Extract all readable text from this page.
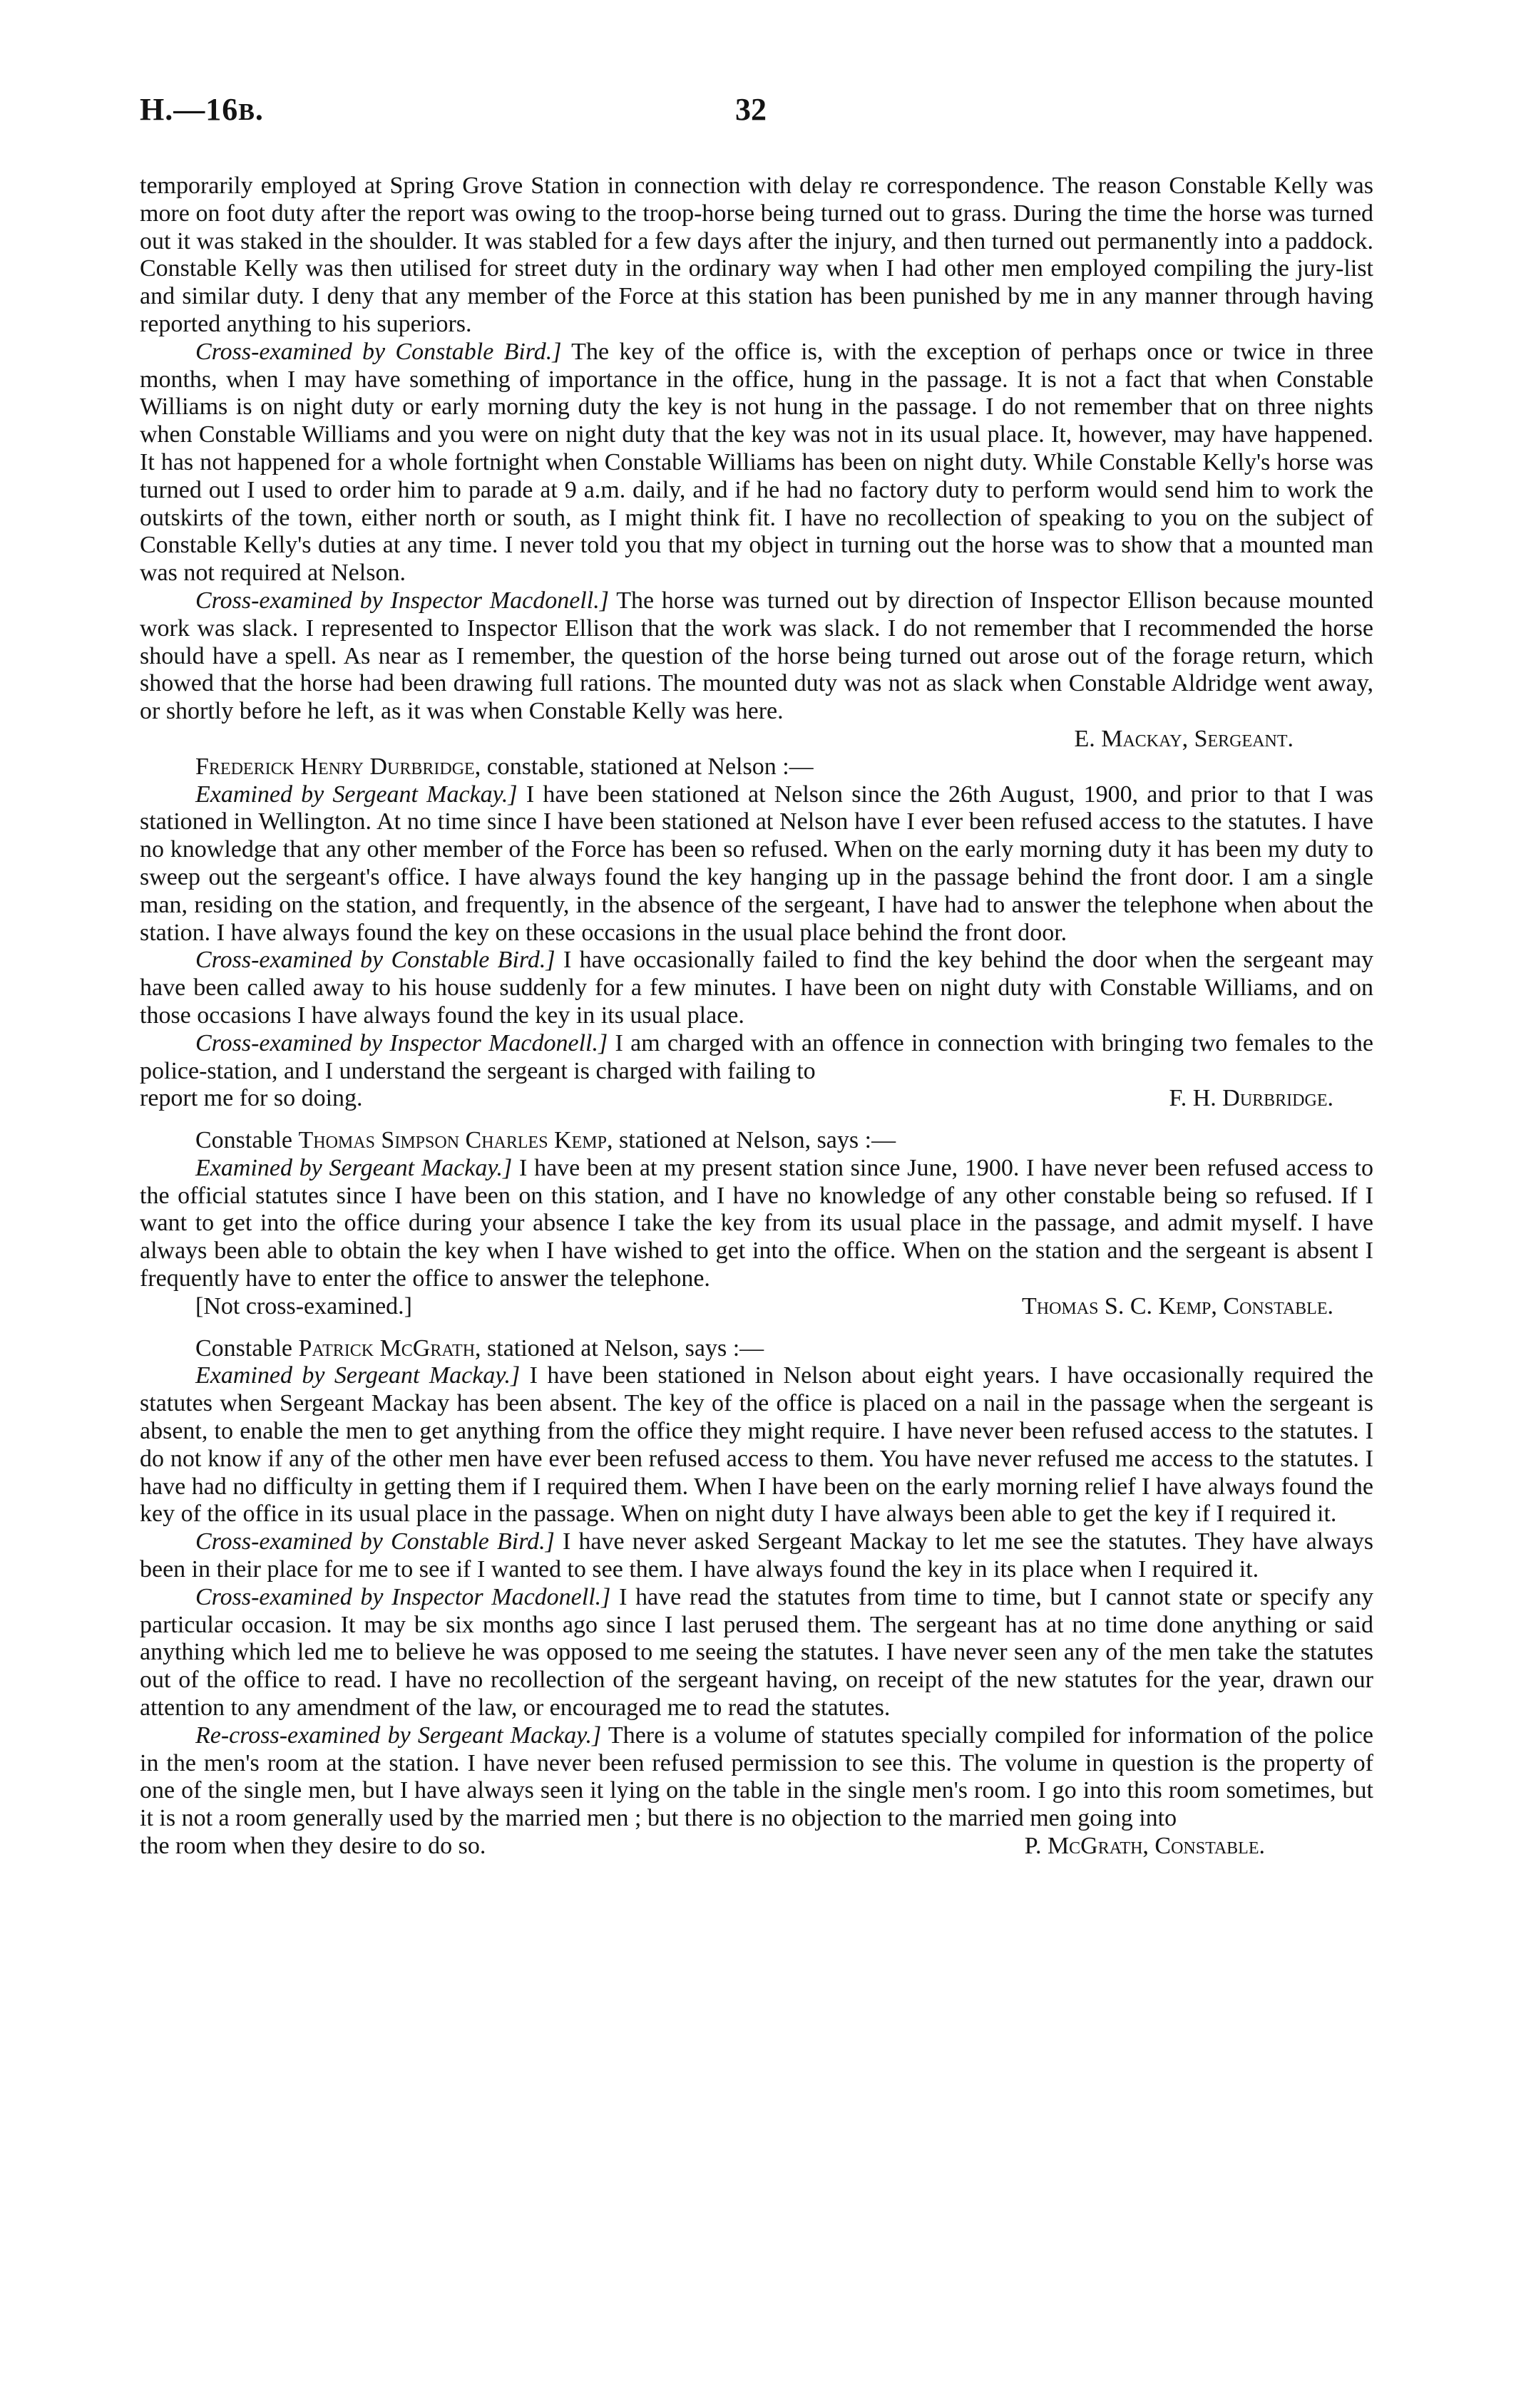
H.—16B.	32

temporarily employed at Spring Grove Station in connection with delay re correspondence. The reason Constable Kelly was more on foot duty after the report was owing to the troop-horse being turned out to grass. During the time the horse was turned out it was staked in the shoulder. It was stabled for a few days after the injury, and then turned out permanently into a paddock. Constable Kelly was then utilised for street duty in the ordinary way when I had other men employed compiling the jury-list and similar duty. I deny that any member of the Force at this station has been punished by me in any manner through having reported anything to his superiors.

Cross-examined by Constable Bird.] The key of the office is, with the exception of perhaps once or twice in three months, when I may have something of importance in the office, hung in the passage. It is not a fact that when Constable Williams is on night duty or early morning duty the key is not hung in the passage. I do not remember that on three nights when Constable Williams and you were on night duty that the key was not in its usual place. It, however, may have happened. It has not happened for a whole fortnight when Constable Williams has been on night duty. While Constable Kelly's horse was turned out I used to order him to parade at 9 a.m. daily, and if he had no factory duty to perform would send him to work the outskirts of the town, either north or south, as I might think fit. I have no recollection of speaking to you on the subject of Constable Kelly's duties at any time. I never told you that my object in turning out the horse was to show that a mounted man was not required at Nelson.

Cross-examined by Inspector Macdonell.] The horse was turned out by direction of Inspector Ellison because mounted work was slack. I represented to Inspector Ellison that the work was slack. I do not remember that I recommended the horse should have a spell. As near as I remember, the question of the horse being turned out arose out of the forage return, which showed that the horse had been drawing full rations. The mounted duty was not as slack when Constable Aldridge went away, or shortly before he left, as it was when Constable Kelly was here.

E. Mackay, Sergeant.

Frederick Henry Durbridge, constable, stationed at Nelson :—

Examined by Sergeant Mackay.] I have been stationed at Nelson since the 26th August, 1900, and prior to that I was stationed in Wellington. At no time since I have been stationed at Nelson have I ever been refused access to the statutes. I have no knowledge that any other member of the Force has been so refused. When on the early morning duty it has been my duty to sweep out the sergeant's office. I have always found the key hanging up in the passage behind the front door. I am a single man, residing on the station, and frequently, in the absence of the sergeant, I have had to answer the telephone when about the station. I have always found the key on these occasions in the usual place behind the front door.

Cross-examined by Constable Bird.] I have occasionally failed to find the key behind the door when the sergeant may have been called away to his house suddenly for a few minutes. I have been on night duty with Constable Williams, and on those occasions I have always found the key in its usual place.

Cross-examined by Inspector Macdonell.] I am charged with an offence in connection with bringing two females to the police-station, and I understand the sergeant is charged with failing to

report me for so doing.	F. H. Durbridge.

Constable Thomas Simpson Charles Kemp, stationed at Nelson, says :—

Examined by Sergeant Mackay.] I have been at my present station since June, 1900. I have never been refused access to the official statutes since I have been on this station, and I have no knowledge of any other constable being so refused. If I want to get into the office during your absence I take the key from its usual place in the passage, and admit myself. I have always been able to obtain the key when I have wished to get into the office. When on the station and the sergeant is absent I frequently have to enter the office to answer the telephone.

[Not cross-examined.]	Thomas S. C. Kemp, Constable.

Constable Patrick McGrath, stationed at Nelson, says :—

Examined by Sergeant Mackay.] I have been stationed in Nelson about eight years. I have occasionally required the statutes when Sergeant Mackay has been absent. The key of the office is placed on a nail in the passage when the sergeant is absent, to enable the men to get anything from the office they might require. I have never been refused access to the statutes. I do not know if any of the other men have ever been refused access to them. You have never refused me access to the statutes. I have had no difficulty in getting them if I required them. When I have been on the early morning relief I have always found the key of the office in its usual place in the passage. When on night duty I have always been able to get the key if I required it.

Cross-examined by Constable Bird.] I have never asked Sergeant Mackay to let me see the statutes. They have always been in their place for me to see if I wanted to see them. I have always found the key in its place when I required it.

Cross-examined by Inspector Macdonell.] I have read the statutes from time to time, but I cannot state or specify any particular occasion. It may be six months ago since I last perused them. The sergeant has at no time done anything or said anything which led me to believe he was opposed to me seeing the statutes. I have never seen any of the men take the statutes out of the office to read. I have no recollection of the sergeant having, on receipt of the new statutes for the year, drawn our attention to any amendment of the law, or encouraged me to read the statutes.

Re-cross-examined by Sergeant Mackay.] There is a volume of statutes specially compiled for information of the police in the men's room at the station. I have never been refused permission to see this. The volume in question is the property of one of the single men, but I have always seen it lying on the table in the single men's room. I go into this room sometimes, but it is not a room generally used by the married men ; but there is no objection to the married men going into

the room when they desire to do so.	P. McGrath, Constable.
